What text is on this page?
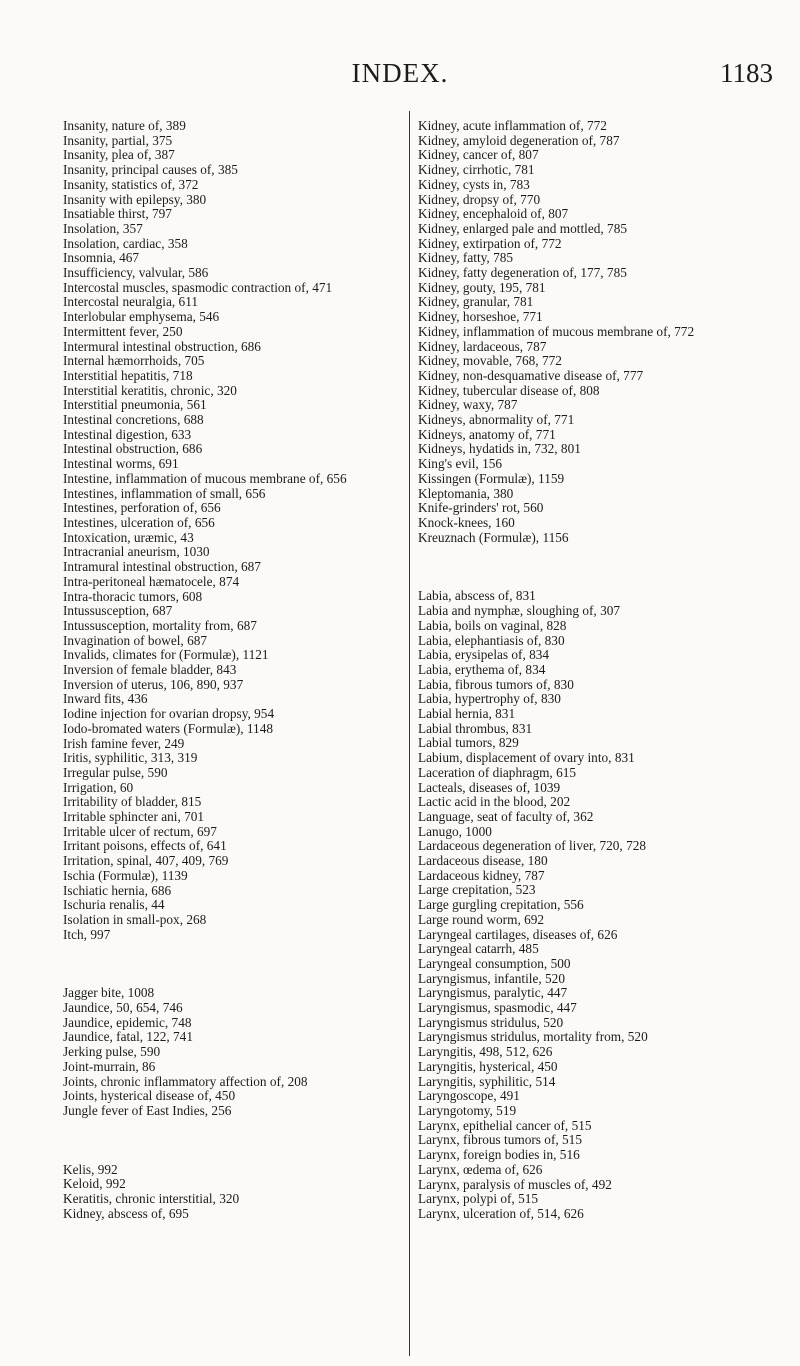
INDEX.	1183
Insanity, nature of, 389
Insanity, partial, 375
Insanity, plea of, 387
Insanity, principal causes of, 385
Insanity, statistics of, 372
Insanity with epilepsy, 380
Insatiable thirst, 797
Insolation, 357
Insolation, cardiac, 358
Insomnia, 467
Insufficiency, valvular, 586
Intercostal muscles, spasmodic contraction of, 471
Intercostal neuralgia, 611
Interlobular emphysema, 546
Intermittent fever, 250
Intermural intestinal obstruction, 686
Internal hæmorrhoids, 705
Interstitial hepatitis, 718
Interstitial keratitis, chronic, 320
Interstitial pneumonia, 561
Intestinal concretions, 688
Intestinal digestion, 633
Intestinal obstruction, 686
Intestinal worms, 691
Intestine, inflammation of mucous membrane of, 656
Intestines, inflammation of small, 656
Intestines, perforation of, 656
Intestines, ulceration of, 656
Intoxication, uræmic, 43
Intracranial aneurism, 1030
Intramural intestinal obstruction, 687
Intra-peritoneal hæmatocele, 874
Intra-thoracic tumors, 608
Intussusception, 687
Intussusception, mortality from, 687
Invagination of bowel, 687
Invalids, climates for (Formulæ), 1121
Inversion of female bladder, 843
Inversion of uterus, 106, 890, 937
Inward fits, 436
Iodine injection for ovarian dropsy, 954
Iodo-bromated waters (Formulæ), 1148
Irish famine fever, 249
Iritis, syphilitic, 313, 319
Irregular pulse, 590
Irrigation, 60
Irritability of bladder, 815
Irritable sphincter ani, 701
Irritable ulcer of rectum, 697
Irritant poisons, effects of, 641
Irritation, spinal, 407, 409, 769
Ischia (Formulæ), 1139
Ischiatic hernia, 686
Ischuria renalis, 44
Isolation in small-pox, 268
Itch, 997
Jagger bite, 1008
Jaundice, 50, 654, 746
Jaundice, epidemic, 748
Jaundice, fatal, 122, 741
Jerking pulse, 590
Joint-murrain, 86
Joints, chronic inflammatory affection of, 208
Joints, hysterical disease of, 450
Jungle fever of East Indies, 256
Kelis, 992
Keloid, 992
Keratitis, chronic interstitial, 320
Kidney, abscess of, 695
Kidney, acute inflammation of, 772
Kidney, amyloid degeneration of, 787
Kidney, cancer of, 807
Kidney, cirrhotic, 781
Kidney, cysts in, 783
Kidney, dropsy of, 770
Kidney, encephaloid of, 807
Kidney, enlarged pale and mottled, 785
Kidney, extirpation of, 772
Kidney, fatty, 785
Kidney, fatty degeneration of, 177, 785
Kidney, gouty, 195, 781
Kidney, granular, 781
Kidney, horseshoe, 771
Kidney, inflammation of mucous membrane of, 772
Kidney, lardaceous, 787
Kidney, movable, 768, 772
Kidney, non-desquamative disease of, 777
Kidney, tubercular disease of, 808
Kidney, waxy, 787
Kidneys, abnormality of, 771
Kidneys, anatomy of, 771
Kidneys, hydatids in, 732, 801
King's evil, 156
Kissingen (Formulæ), 1159
Kleptomania, 380
Knife-grinders' rot, 560
Knock-knees, 160
Kreuznach (Formulæ), 1156
Labia, abscess of, 831
Labia and nymphæ, sloughing of, 307
Labia, boils on vaginal, 828
Labia, elephantiasis of, 830
Labia, erysipelas of, 834
Labia, erythema of, 834
Labia, fibrous tumors of, 830
Labia, hypertrophy of, 830
Labial hernia, 831
Labial thrombus, 831
Labial tumors, 829
Labium, displacement of ovary into, 831
Laceration of diaphragm, 615
Lacteals, diseases of, 1039
Lactic acid in the blood, 202
Language, seat of faculty of, 362
Lanugo, 1000
Lardaceous degeneration of liver, 720, 728
Lardaceous disease, 180
Lardaceous kidney, 787
Large crepitation, 523
Large gurgling crepitation, 556
Large round worm, 692
Laryngeal cartilages, diseases of, 626
Laryngeal catarrh, 485
Laryngeal consumption, 500
Laryngismus, infantile, 520
Laryngismus, paralytic, 447
Laryngismus, spasmodic, 447
Laryngismus stridulus, 520
Laryngismus stridulus, mortality from, 520
Laryngitis, 498, 512, 626
Laryngitis, hysterical, 450
Laryngitis, syphilitic, 514
Laryngoscope, 491
Laryngotomy, 519
Larynx, epithelial cancer of, 515
Larynx, fibrous tumors of, 515
Larynx, foreign bodies in, 516
Larynx, œdema of, 626
Larynx, paralysis of muscles of, 492
Larynx, polypi of, 515
Larynx, ulceration of, 514, 626
